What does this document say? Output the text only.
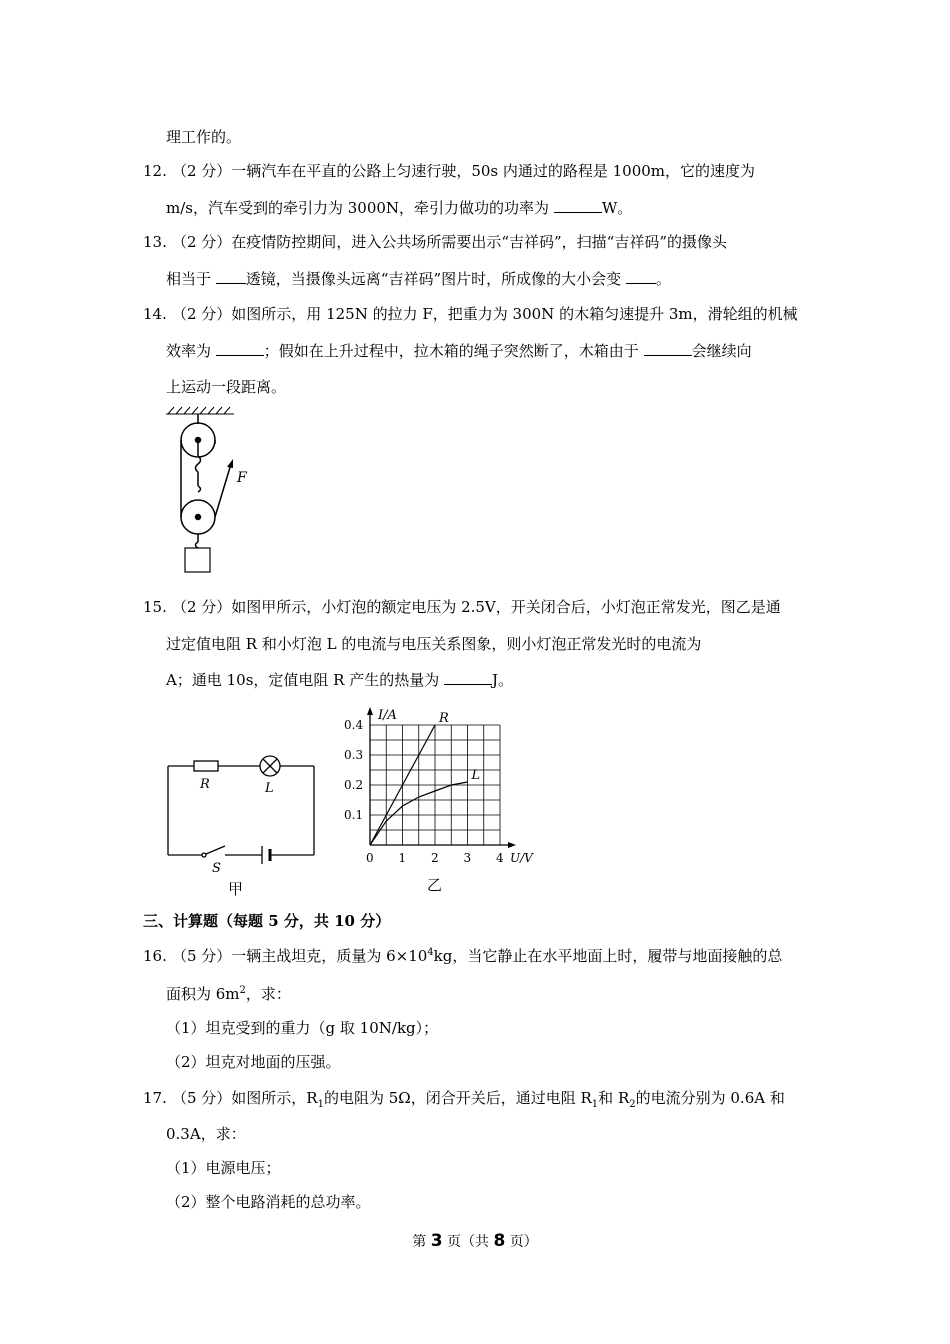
理工作的。
12. （2 分）一辆汽车在平直的公路上匀速行驶，50s 内通过的路程是 1000m，它的速度为
m/s，汽车受到的牵引力为 3000N，牵引力做功的功率为	W。
13. （2 分）在疫情防控期间，进入公共场所需要出示“吉祥码”，扫描“吉祥码”的摄像头
相当于 透镜，当摄像头远离“吉祥码”图片时，所成像的大小会变 。
14. （2 分）如图所示，用 125N 的拉力 F，把重力为 300N 的木箱匀速提升 3m，滑轮组的机械
效率为	；假如在上升过程中，拉木箱的绳子突然断了，木箱由于	会继续向
上运动一段距离。
F
15. （2 分）如图甲所示，小灯泡的额定电压为 2.5V，开关闭合后，小灯泡正常发光，图乙是通
过定值电阻 R 和小灯泡 L 的电流与电压关系图象，则小灯泡正常发光时的电流为
A；通电 10s，定值电阻 R 产生的热量为	J。
R	L
S
甲
0 1 2 3 4
0.1
0.2
0.3
0.4
I/A
U/V
R
L
乙
三、计算题（每题 5 分，共 10 分）
16. （5 分）一辆主战坦克，质量为 $6\times 10^4kg$，当它静止在水平地面上时，履带与地面接触的总
面积为 $6m^2$，求：
（1）坦克受到的重力（g 取 10N/kg）；
（2）坦克对地面的压强。
17. （5 分）如图所示，$R_1$的电阻为 5Ω，闭合开关后，通过电阻 $R_1$和 $R_2$的电流分别为 0.6A 和
0.3A，求：
（1）电源电压；
（2）整个电路消耗的总功率。
第 3 页（共 8 页）
